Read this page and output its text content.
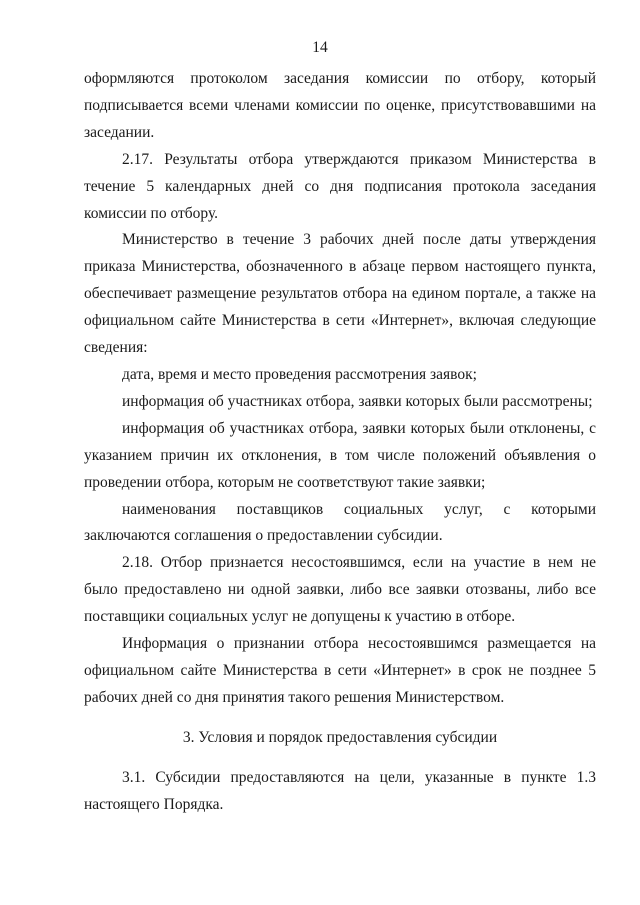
14

оформляются протоколом заседания комиссии по отбору, который подписывается всеми членами комиссии по оценке, присутствовавшими на заседании.

2.17. Результаты отбора утверждаются приказом Министерства в течение 5 календарных дней со дня подписания протокола заседания комиссии по отбору.

Министерство в течение 3 рабочих дней после даты утверждения приказа Министерства, обозначенного в абзаце первом настоящего пункта, обеспечивает размещение результатов отбора на едином портале, а также на официальном сайте Министерства в сети «Интернет», включая следующие сведения:

дата, время и место проведения рассмотрения заявок;

информация об участниках отбора, заявки которых были рассмотрены;

информация об участниках отбора, заявки которых были отклонены, с указанием причин их отклонения, в том числе положений объявления о проведении отбора, которым не соответствуют такие заявки;

наименования поставщиков социальных услуг, с которыми заключаются соглашения о предоставлении субсидии.

2.18. Отбор признается несостоявшимся, если на участие в нем не было предоставлено ни одной заявки, либо все заявки отозваны, либо все поставщики социальных услуг не допущены к участию в отборе.

Информация о признании отбора несостоявшимся размещается на официальном сайте Министерства в сети «Интернет» в срок не позднее 5 рабочих дней со дня принятия такого решения Министерством.

3. Условия и порядок предоставления субсидии

3.1. Субсидии предоставляются на цели, указанные в пункте 1.3 настоящего Порядка.
